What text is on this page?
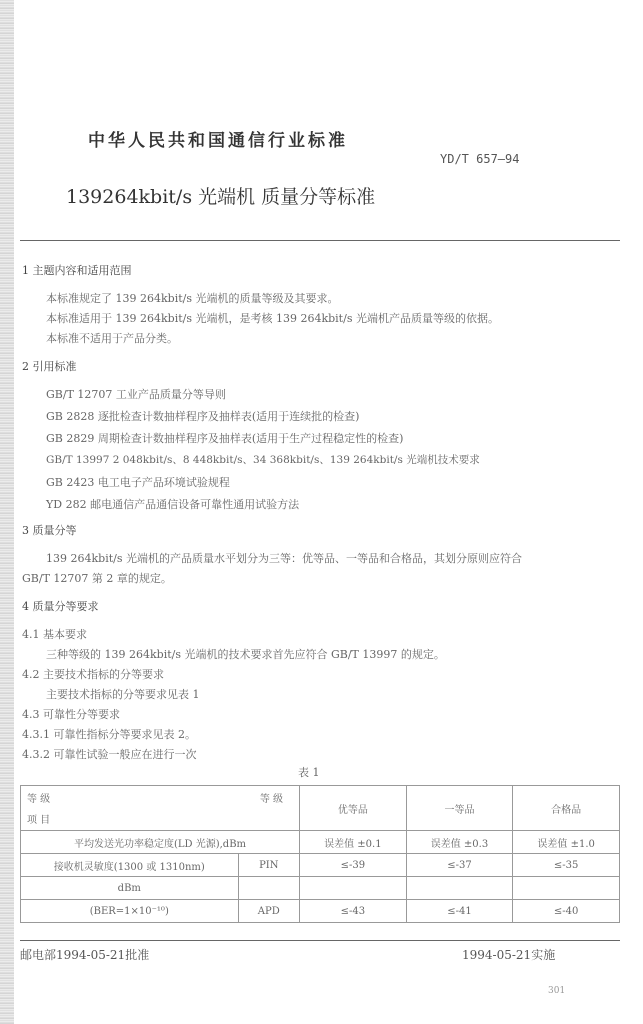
中华人民共和国通信行业标准
YD/T 657—94
139264kbit/s 光端机 质量分等标准
1 主题内容和适用范围
本标准规定了 139 264kbit/s 光端机的质量等级及其要求。
本标准适用于 139 264kbit/s 光端机，是考核 139 264kbit/s 光端机产品质量等级的依据。
本标准不适用于产品分类。
2 引用标准
GB/T 12707 工业产品质量分等导则
GB 2828 逐批检查计数抽样程序及抽样表(适用于连续批的检查)
GB 2829 周期检查计数抽样程序及抽样表(适用于生产过程稳定性的检查)
GB/T 13997 2 048kbit/s、8 448kbit/s、34 368kbit/s、139 264kbit/s 光端机技术要求
GB 2423 电工电子产品环境试验规程
YD 282 邮电通信产品通信设备可靠性通用试验方法
3 质量分等
139 264kbit/s 光端机的产品质量水平划分为三等：优等品、一等品和合格品，其划分原则应符合
GB/T 12707 第 2 章的规定。
4 质量分等要求
4.1 基本要求
三种等级的 139 264kbit/s 光端机的技术要求首先应符合 GB/T 13997 的规定。
4.2 主要技术指标的分等要求
主要技术指标的分等要求见表 1
4.3 可靠性分等要求
4.3.1 可靠性指标分等要求见表 2。
4.3.2 可靠性试验一般应在进行一次
表 1
等 级 等 级
项 目		优等品	一等品	合格品

平均发送光功率稳定度(LD 光源),dBm		误差值 ±0.1	误差值 ±0.3	误差值 ±1.0
接收机灵敏度(1300 或 1310nm)	PIN	≤-39	≤-37	≤-35
dBm				
(BER=1×10⁻¹⁰)	APD	≤-43	≤-41	≤-40
邮电部1994-05-21批准	1994-05-21实施
301
